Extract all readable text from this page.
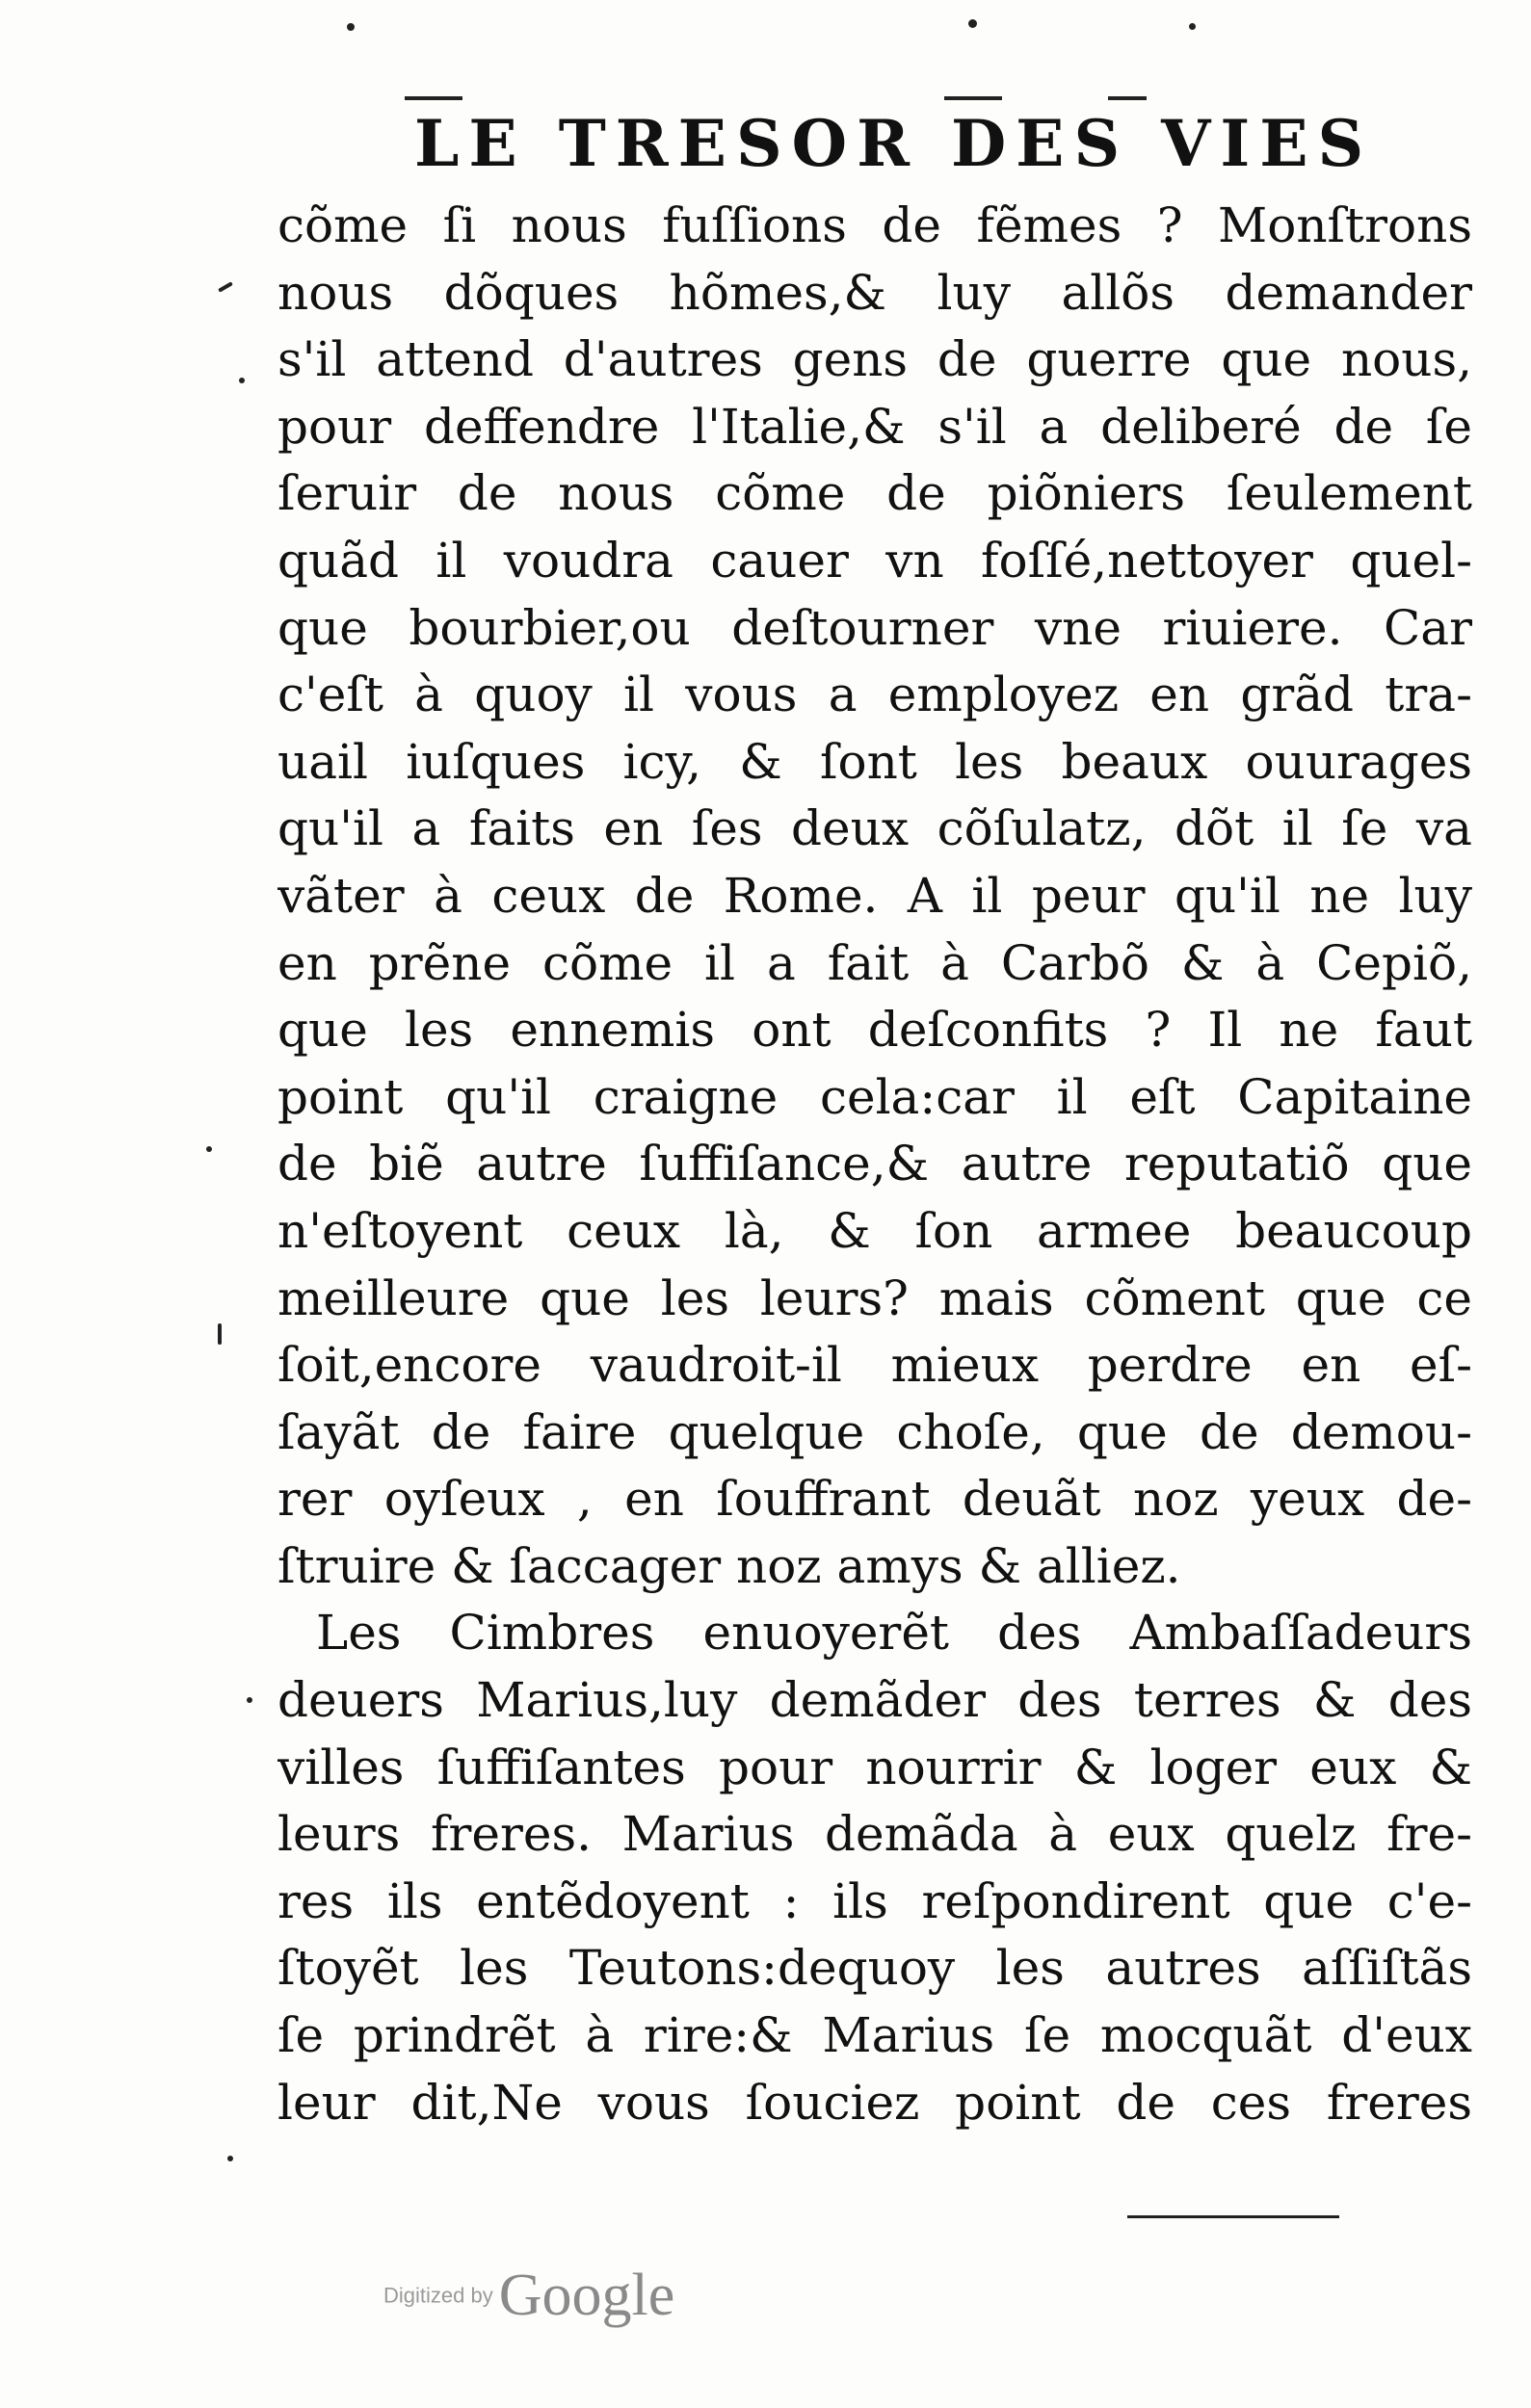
LE TRESOR DES VIES
cõme ſi nous fuſſions de fẽmes ? Monſtrons
nous dõques hõmes,& luy allõs demander
s'il attend d'autres gens de guerre que nous,
pour deffendre l'Italie,& s'il a deliberé de ſe
ſeruir de nous cõme de piõniers ſeulement
quãd il voudra cauer vn foſſé,nettoyer quel-
que bourbier,ou deſtourner vne riuiere. Car
c'eſt à quoy il vous a employez en grãd tra-
uail iuſques icy, & ſont les beaux ouurages
qu'il a faits en ſes deux cõſulatz, dõt il ſe va
vãter à ceux de Rome. A il peur qu'il ne luy
en prẽne cõme il a fait à Carbõ & à Cepiõ,
que les ennemis ont deſconfits ? Il ne faut
point qu'il craigne cela:car il eſt Capitaine
de biẽ autre ſuffiſance,& autre reputatiõ que
n'eſtoyent ceux là, & ſon armee beaucoup
meilleure que les leurs? mais cõment que ce
ſoit,encore vaudroit-il mieux perdre en eſ-
ſayãt de faire quelque choſe, que de demou-
rer oyſeux , en ſouffrant deuãt noz yeux de-
ſtruire & ſaccager noz amys & alliez.
Les Cimbres enuoyerẽt des Ambaſſadeurs
deuers Marius,luy demãder des terres & des
villes ſuffiſantes pour nourrir & loger eux &
leurs freres. Marius demãda à eux quelz fre-
res ils entẽdoyent : ils reſpondirent que c'e-
ſtoyẽt les Teutons:dequoy les autres aſſiſtãs
ſe prindrẽt à rire:& Marius ſe mocquãt d'eux
leur dit,Ne vous ſouciez point de ces freres
Digitized byGoogle
